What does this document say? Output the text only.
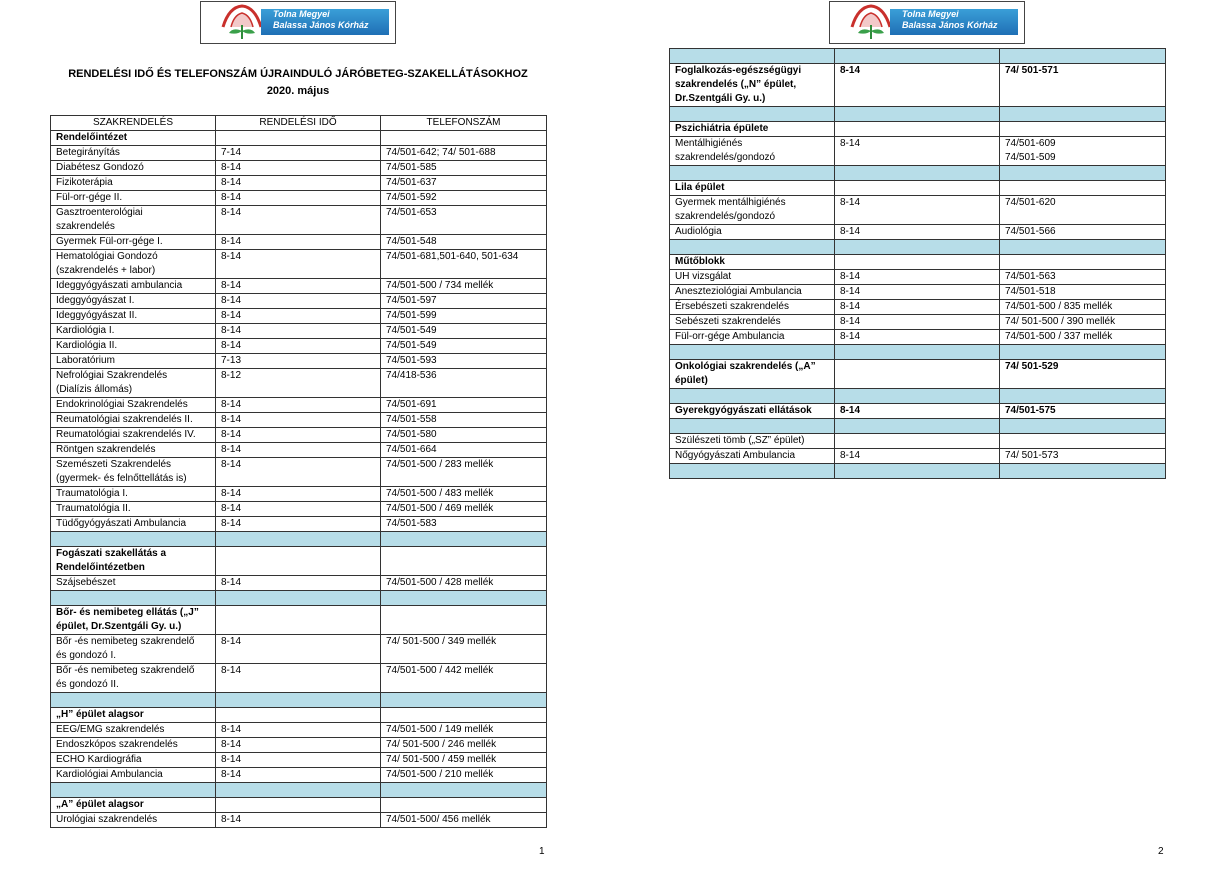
Tolna Megyei
Balassa János Kórház
RENDELÉSI IDŐ ÉS TELEFONSZÁM ÚJRAINDULÓ JÁRÓBETEG-SZAKELLÁTÁSOKHOZ
2020. május
SZAKRENDELÉS	RENDELÉSI IDŐ	TELEFONSZÁM
Rendelőintézet		
Betegirányítás	7-14	74/501-642; 74/ 501-688
Diabétesz Gondozó	8-14	74/501-585
Fizikoterápia	8-14	74/501-637
Fül-orr-gége II.	8-14	74/501-592
Gasztroenterológiai
szakrendelés	8-14	74/501-653
Gyermek Fül-orr-gége I.	8-14	74/501-548
Hematológiai Gondozó
(szakrendelés + labor)	8-14	74/501-681,501-640, 501-634
Ideggyógyászati ambulancia	8-14	74/501-500 / 734 mellék
Ideggyógyászat I.	8-14	74/501-597
Ideggyógyászat II.	8-14	74/501-599
Kardiológia I.	8-14	74/501-549
Kardiológia II.	8-14	74/501-549
Laboratórium	7-13	74/501-593
Nefrológiai Szakrendelés
(Dialízis állomás)	8-12	74/418-536
Endokrinológiai Szakrendelés	8-14	74/501-691
Reumatológiai szakrendelés II.	8-14	74/501-558
Reumatológiai szakrendelés IV.	8-14	74/501-580
Röntgen szakrendelés	8-14	74/501-664
Szemészeti Szakrendelés
(gyermek- és felnőttellátás is)	8-14	74/501-500 / 283 mellék
Traumatológia I.	8-14	74/501-500 / 483 mellék
Traumatológia II.	8-14	74/501-500 / 469 mellék
Tüdőgyógyászati Ambulancia	8-14	74/501-583

Fogászati szakellátás a
Rendelőintézetben		
Szájsebészet	8-14	74/501-500 / 428 mellék

Bőr- és nemibeteg ellátás („J”
épület, Dr.Szentgáli Gy. u.)		
Bőr -és nemibeteg szakrendelő
és gondozó I.	8-14	74/ 501-500 / 349 mellék
Bőr -és nemibeteg szakrendelő
és gondozó II.	8-14	74/501-500 / 442 mellék

„H” épület alagsor		
EEG/EMG szakrendelés	8-14	74/501-500 / 149 mellék
Endoszkópos szakrendelés	8-14	74/ 501-500 / 246 mellék
ECHO Kardiográfia	8-14	74/ 501-500 / 459 mellék
Kardiológiai Ambulancia	8-14	74/501-500 / 210 mellék

„A” épület alagsor		
Urológiai szakrendelés	8-14	74/501-500/ 456 mellék
1
Tolna Megyei
Balassa János Kórház

Foglalkozás-egészségügyi
szakrendelés („N” épület,
Dr.Szentgáli Gy. u.)	8-14	74/ 501-571

Pszichiátria épülete		
Mentálhigiénés
szakrendelés/gondozó	8-14	74/501-609
74/501-509

Lila épület		
Gyermek mentálhigiénés
szakrendelés/gondozó	8-14	74/501-620
Audiológia	8-14	74/501-566

Műtőblokk		
UH vizsgálat	8-14	74/501-563
Aneszteziológiai Ambulancia	8-14	74/501-518
Érsebészeti szakrendelés	8-14	74/501-500 / 835 mellék
Sebészeti szakrendelés	8-14	74/ 501-500 / 390 mellék
Fül-orr-gége Ambulancia	8-14	74/501-500 / 337 mellék

Onkológiai szakrendelés („A”
épület)		74/ 501-529

Gyerekgyógyászati ellátások	8-14	74/501-575

Szülészeti tömb („SZ” épület)		
Nőgyógyászati Ambulancia	8-14	74/ 501-573

2
